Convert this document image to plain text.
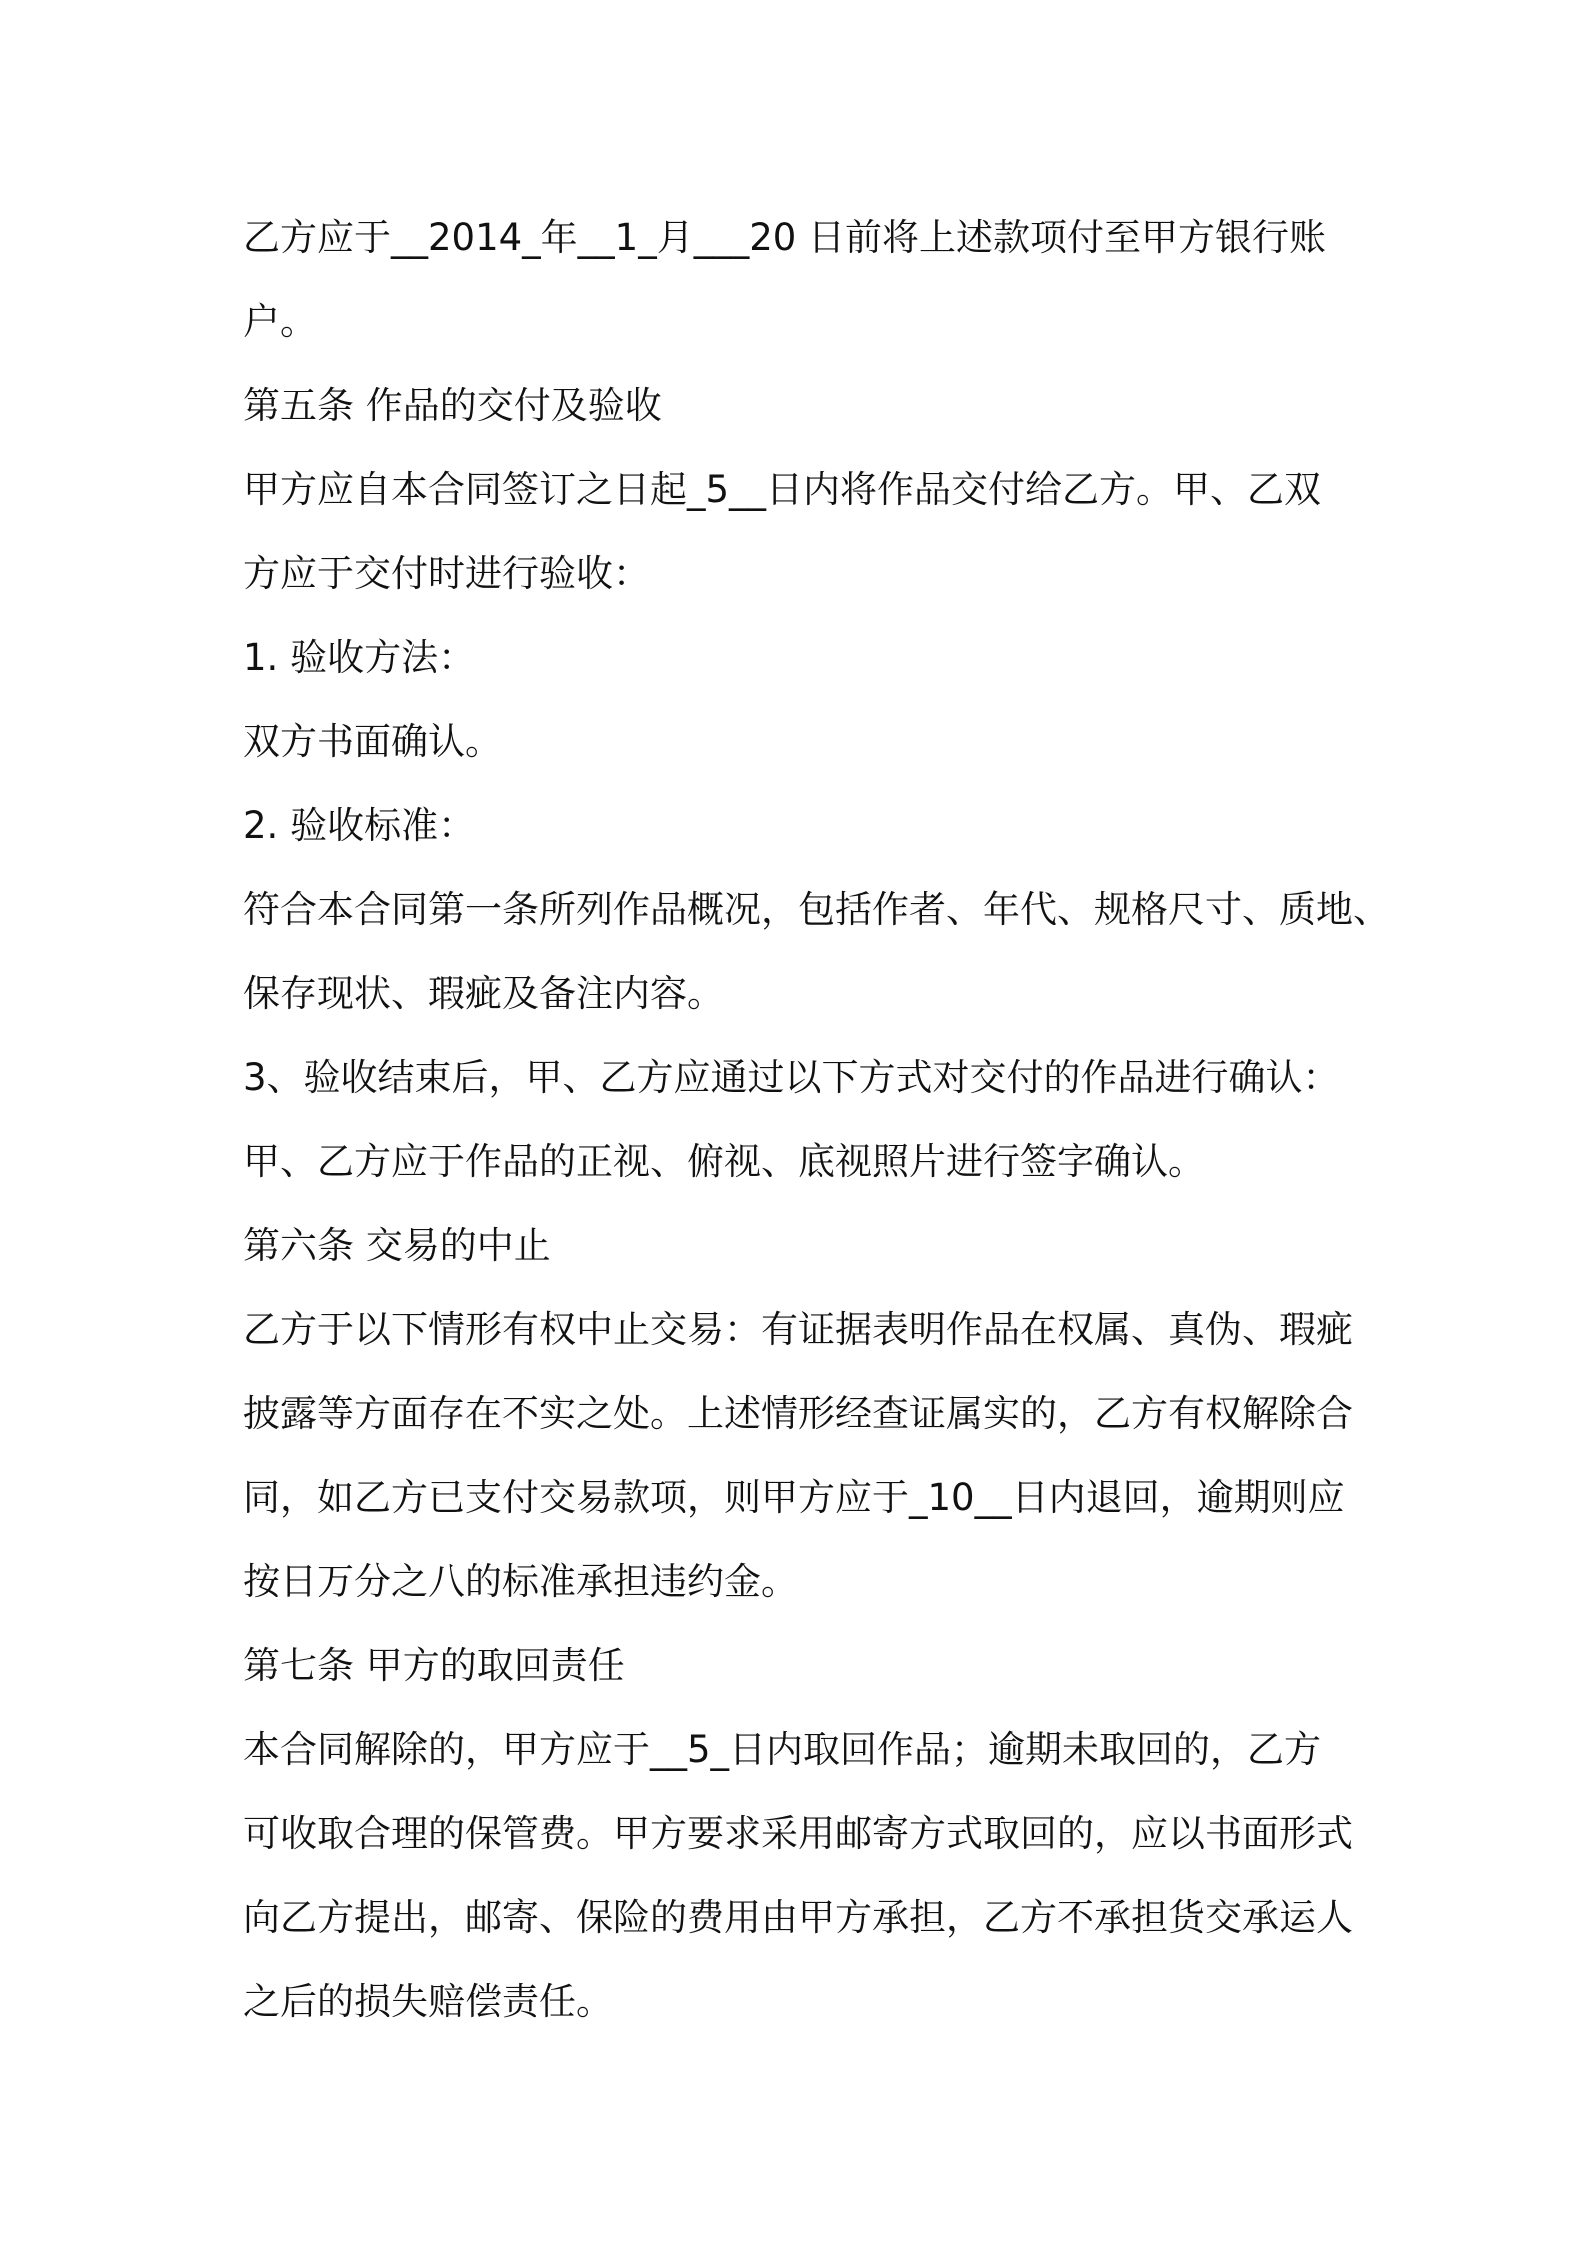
乙方应于__2014_年__1_月___20 日前将上述款项付至甲方银行账
户。
第五条 作品的交付及验收
甲方应自本合同签订之日起_5__日内将作品交付给乙方。甲、乙双
方应于交付时进行验收：
1. 验收方法：
双方书面确认。
2. 验收标准：
符合本合同第一条所列作品概况，包括作者、年代、规格尺寸、质地、
保存现状、瑕疵及备注内容。
3、验收结束后，甲、乙方应通过以下方式对交付的作品进行确认：
甲、乙方应于作品的正视、俯视、底视照片进行签字确认。
第六条 交易的中止
乙方于以下情形有权中止交易：有证据表明作品在权属、真伪、瑕疵
披露等方面存在不实之处。上述情形经查证属实的，乙方有权解除合
同，如乙方已支付交易款项，则甲方应于_10__日内退回，逾期则应
按日万分之八的标准承担违约金。
第七条 甲方的取回责任
本合同解除的，甲方应于__5_日内取回作品；逾期未取回的，乙方
可收取合理的保管费。甲方要求采用邮寄方式取回的，应以书面形式
向乙方提出，邮寄、保险的费用由甲方承担，乙方不承担货交承运人
之后的损失赔偿责任。
